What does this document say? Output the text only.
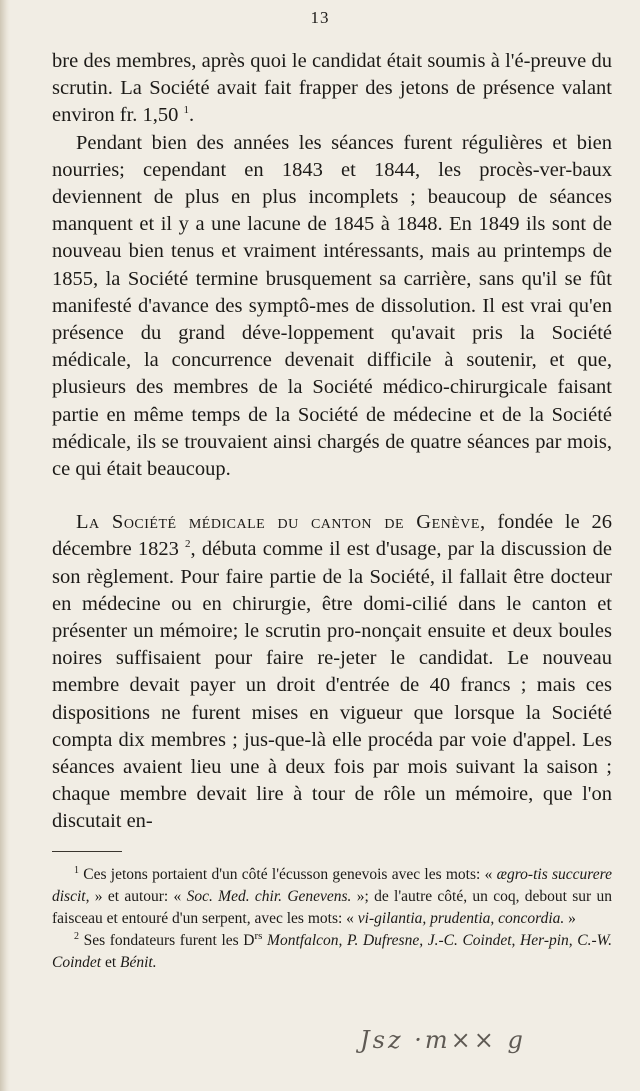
13

bre des membres, après quoi le candidat était soumis à l'é-preuve du scrutin. La Société avait fait frapper des jetons de présence valant environ fr. 1,50 $^1$.

Pendant bien des années les séances furent régulières et bien nourries; cependant en 1843 et 1844, les procès-ver-baux deviennent de plus en plus incomplets ; beaucoup de séances manquent et il y a une lacune de 1845 à 1848. En 1849 ils sont de nouveau bien tenus et vraiment intéressants, mais au printemps de 1855, la Société termine brusquement sa carrière, sans qu'il se fût manifesté d'avance des symptô-mes de dissolution. Il est vrai qu'en présence du grand déve-loppement qu'avait pris la Société médicale, la concurrence devenait difficile à soutenir, et que, plusieurs des membres de la Société médico-chirurgicale faisant partie en même temps de la Société de médecine et de la Société médicale, ils se trouvaient ainsi chargés de quatre séances par mois, ce qui était beaucoup.

La Société médicale du canton de Genève, fondée le 26 décembre 1823 $^2$, débuta comme il est d'usage, par la discussion de son règlement. Pour faire partie de la Société, il fallait être docteur en médecine ou en chirurgie, être domi-cilié dans le canton et présenter un mémoire; le scrutin pro-nonçait ensuite et deux boules noires suffisaient pour faire re-jeter le candidat. Le nouveau membre devait payer un droit d'entrée de 40 francs ; mais ces dispositions ne furent mises en vigueur que lorsque la Société compta dix membres ; jus-que-là elle procéda par voie d'appel. Les séances avaient lieu une à deux fois par mois suivant la saison ; chaque membre devait lire à tour de rôle un mémoire, que l'on discutait en-

$^1$ Ces jetons portaient d'un côté l'écusson genevois avec les mots: « ægro-tis succurere discit, » et autour: « Soc. Med. chir. Genevens. »; de l'autre côté, un coq, debout sur un faisceau et entouré d'un serpent, avec les mots: « vi-gilantia, prudentia, concordia. »

$^2$ Ses fondateurs furent les $D^{rs}$ Montfalcon, P. Dufresne, J.-C. Coindet, Her-pin, C.-W. Coindet et Bénit.

Jsz ·m×× g
